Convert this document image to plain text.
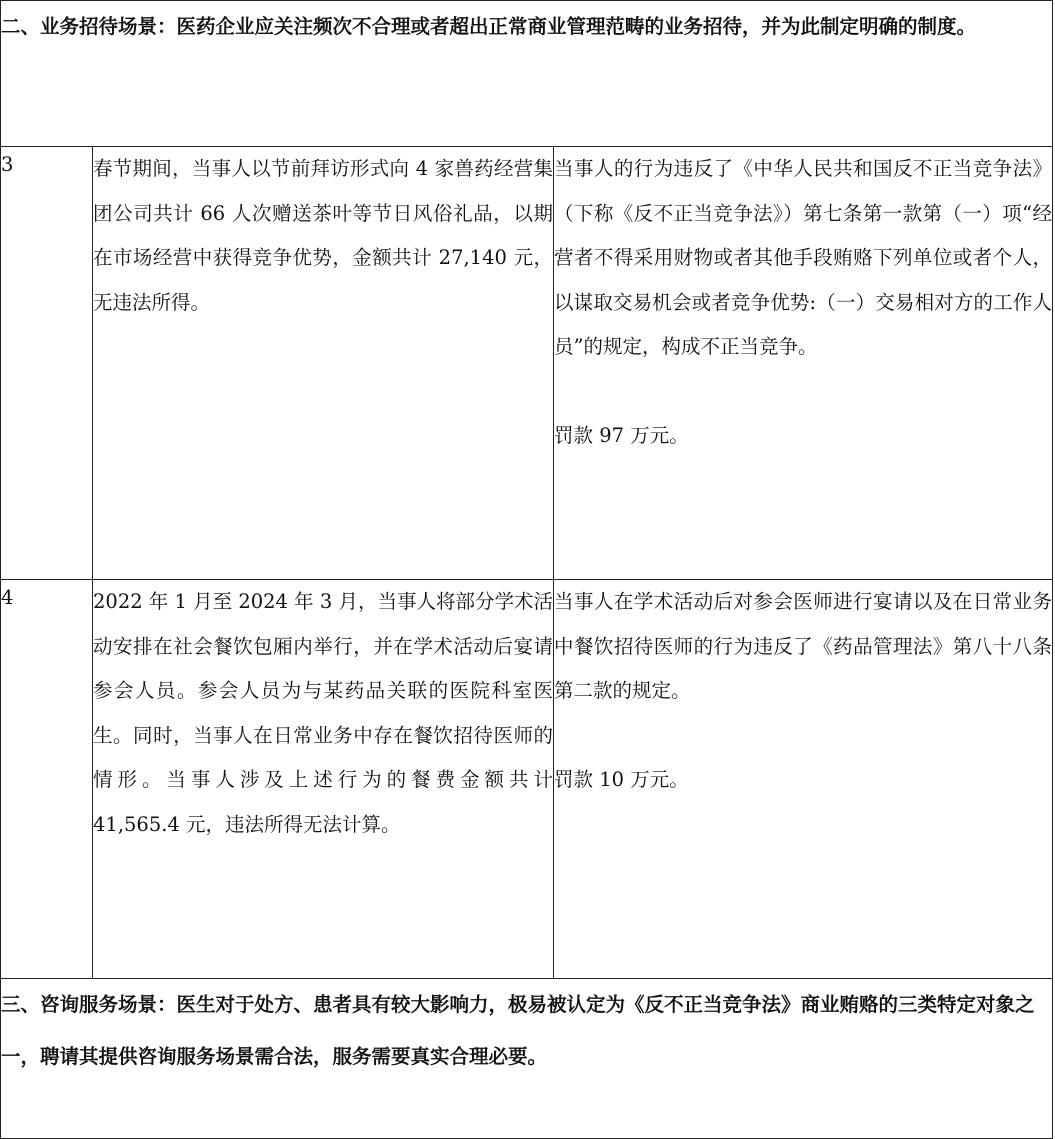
二、业务招待场景：医药企业应关注频次不合理或者超出正常商业管理范畴的业务招待，并为此制定明确的制度。		
3	春节期间，当事人以节前拜访形式向 4 家兽药经营集团公司共计 66 人次赠送茶叶等节日风俗礼品，以期在市场经营中获得竞争优势，金额共计 27,140 元，无违法所得。	当事人的行为违反了《中华人民共和国反不正当竞争法》（下称《反不正当竞争法》）第七条第一款第（一）项“经营者不得采用财物或者其他手段贿赂下列单位或者个人，以谋取交易机会或者竞争优势:（一）交易相对方的工作人员”的规定，构成不正当竞争。

罚款 97 万元。

4	2022 年 1 月至 2024 年 3 月，当事人将部分学术活动安排在社会餐饮包厢内举行，并在学术活动后宴请参会人员。参会人员为与某药品关联的医院科室医生。同时，当事人在日常业务中存在餐饮招待医师的情形。当事人涉及上述行为的餐费金额共计 41,565.4 元，违法所得无法计算。	当事人在学术活动后对参会医师进行宴请以及在日常业务中餐饮招待医师的行为违反了《药品管理法》第八十八条第二款的规定。

罚款 10 万元。

三、咨询服务场景：医生对于处方、患者具有较大影响力，极易被认定为《反不正当竞争法》商业贿赂的三类特定对象之一，聘请其提供咨询服务场景需合法，服务需要真实合理必要。		
